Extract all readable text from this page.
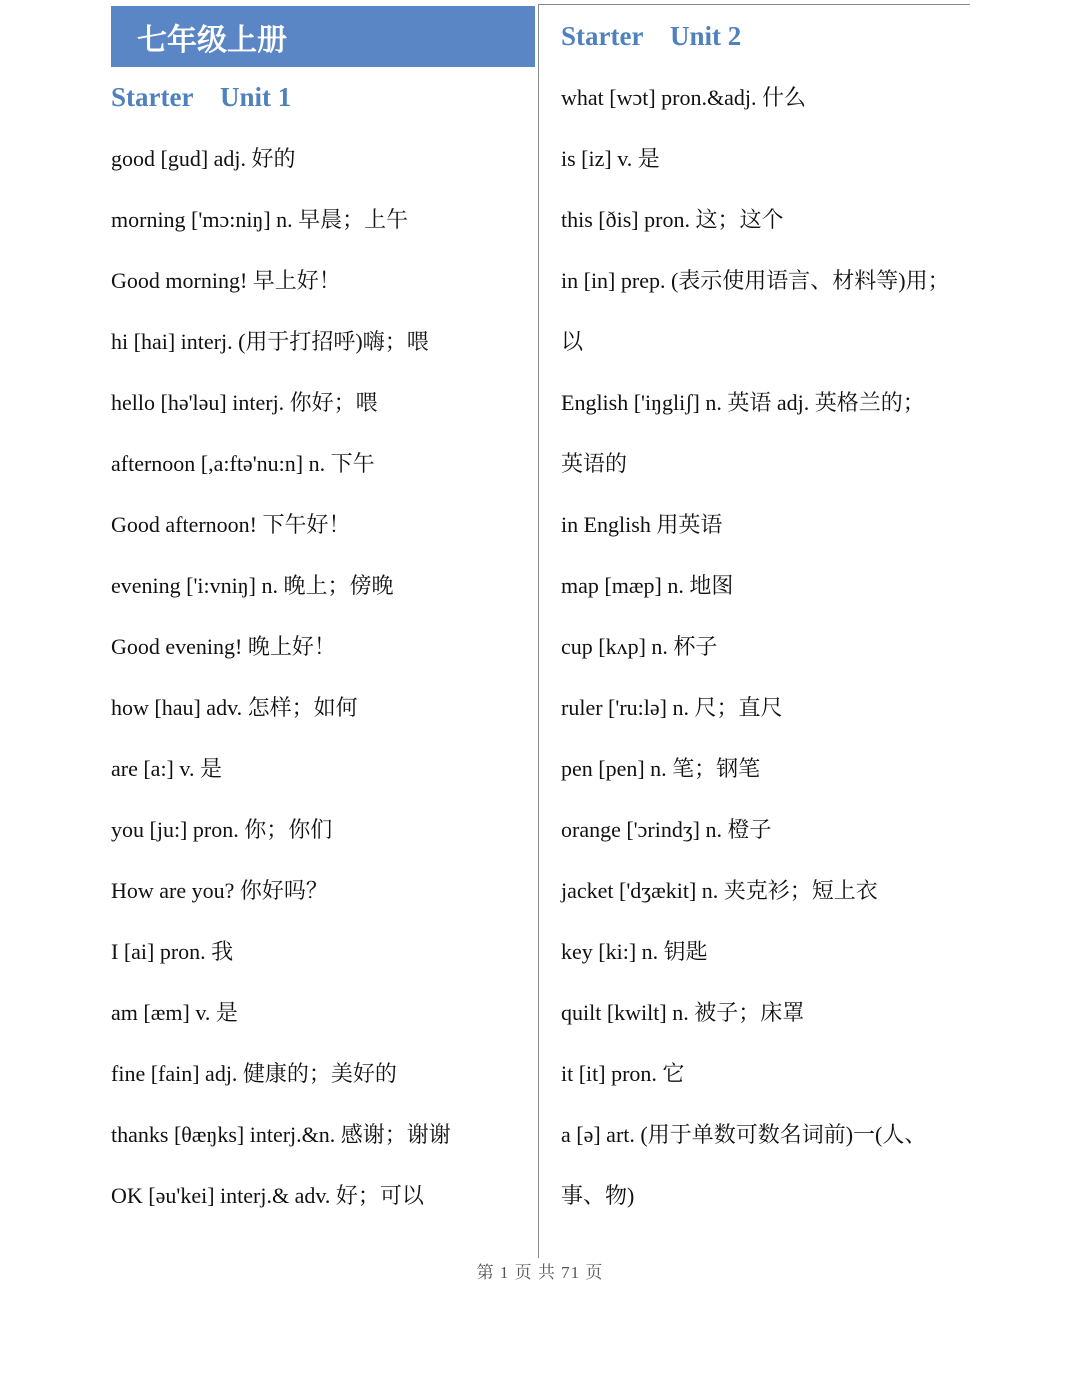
七年级上册
Starter    Unit 1
Starter    Unit 2
good [gud] adj. 好的
morning ['mɔ:niŋ] n. 早晨；上午
Good morning! 早上好！
hi [hai] interj. (用于打招呼)嗨；喂
hello [hə'ləu] interj. 你好；喂
afternoon [,a:ftə'nu:n] n. 下午
Good afternoon! 下午好！
evening ['i:vniŋ] n. 晚上；傍晚
Good evening! 晚上好！
how [hau] adv. 怎样；如何
are [a:] v. 是
you [ju:] pron. 你；你们
How are you? 你好吗？
I [ai] pron. 我
am [æm] v. 是
fine [fain] adj. 健康的；美好的
thanks [θæŋks] interj.&n. 感谢；谢谢
OK [əu'kei] interj.& adv. 好；可以
what [wɔt] pron.&adj. 什么
is [iz] v. 是
this [ðis] pron. 这；这个
in [in] prep. (表示使用语言、材料等)用；
以
English ['iŋgliʃ] n. 英语 adj. 英格兰的；
英语的
in English 用英语
map [mæp] n. 地图
cup [kʌp] n. 杯子
ruler ['ru:lə] n. 尺；直尺
pen [pen] n. 笔；钢笔
orange ['ɔrindʒ] n. 橙子
jacket ['dʒækit] n. 夹克衫；短上衣
key [ki:] n. 钥匙
quilt [kwilt] n. 被子；床罩
it [it] pron. 它
a [ə] art. (用于单数可数名词前)一(人、
事、物)
第 1 页 共 71 页
